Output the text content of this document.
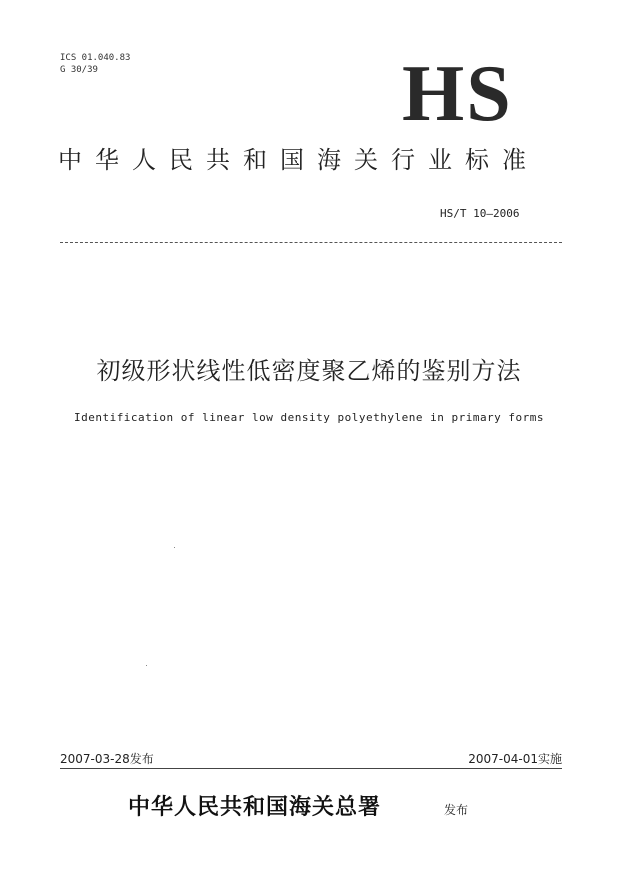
ICS 01.040.83
G 30/39	HS
中华人民共和国海关行业标准
HS/T 10—2006
初级形状线性低密度聚乙烯的鉴别方法
Identification of linear low density polyethylene in primary forms
2007-03-28发布	2007-04-01实施
中华人民共和国海关总署	发布
